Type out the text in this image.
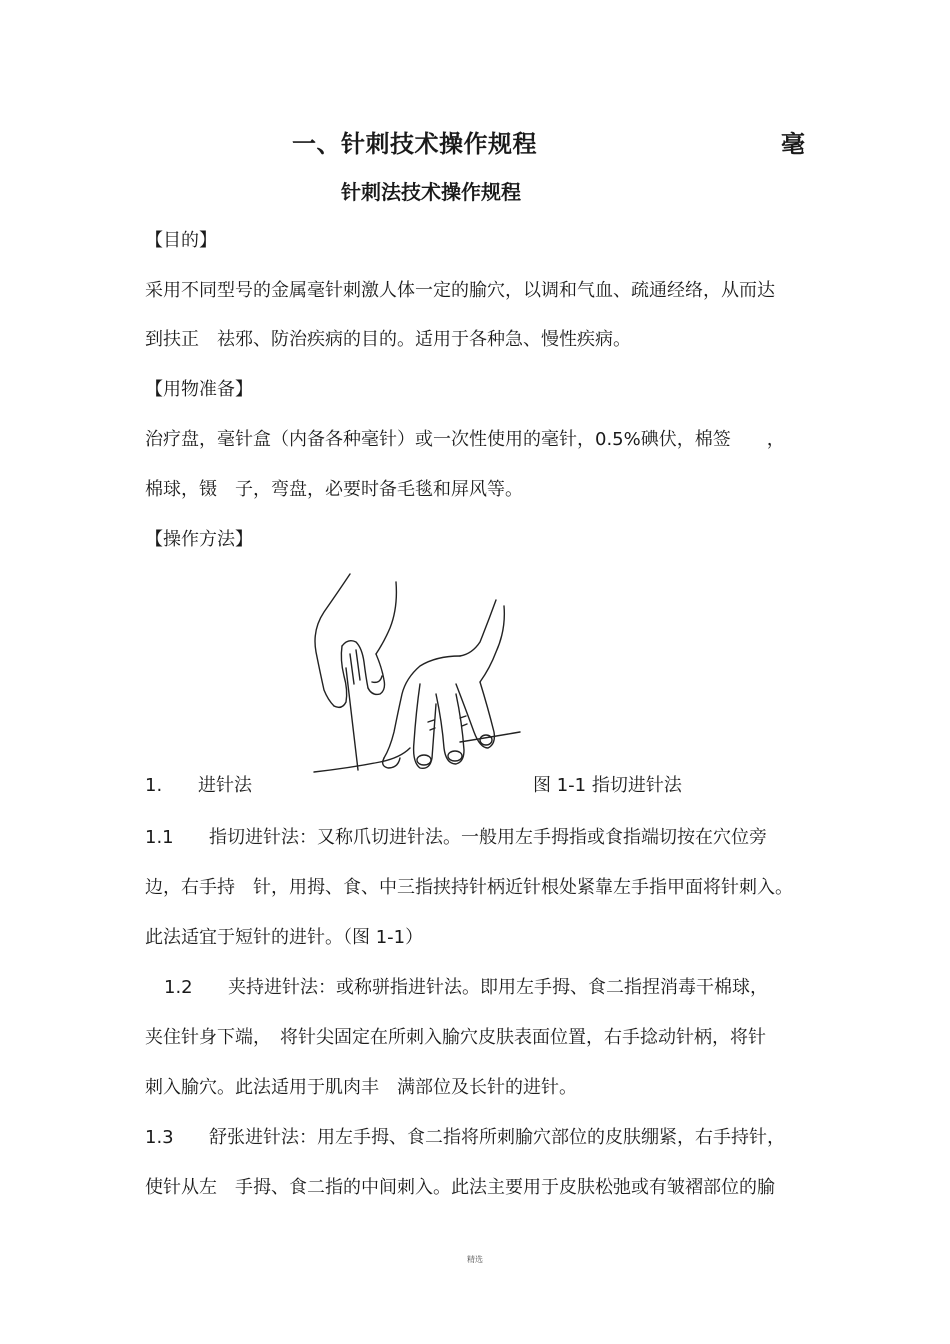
一、针刺技术操作规程	毫
针刺法技术操作规程
【目的】
采用不同型号的金属毫针刺激人体一定的腧穴，以调和气血、疏通经络，从而达
到扶正　祛邪、防治疾病的目的。适用于各种急、慢性疾病。
【用物准备】
治疗盘，毫针盒（内备各种毫针）或一次性使用的毫针，0.5%碘伏，棉签　　，
棉球，镊　子，弯盘，必要时备毛毯和屏风等。
【操作方法】
1. 进针法	图 1-1 指切进针法
1.1 指切进针法：又称爪切进针法。一般用左手拇指或食指端切按在穴位旁
边，右手持　针，用拇、食、中三指挟持针柄近针根处紧靠左手指甲面将针刺入。
此法适宜于短针的进针。（图 1-1）
1.2 夹持进针法：或称骈指进针法。即用左手拇、食二指捏消毒干棉球，
夹住针身下端，　将针尖固定在所刺入腧穴皮肤表面位置，右手捻动针柄，将针
刺入腧穴。此法适用于肌肉丰　满部位及长针的进针。
1.3 舒张进针法：用左手拇、食二指将所刺腧穴部位的皮肤绷紧，右手持针，
使针从左　手拇、食二指的中间刺入。此法主要用于皮肤松弛或有皱褶部位的腧
精选
